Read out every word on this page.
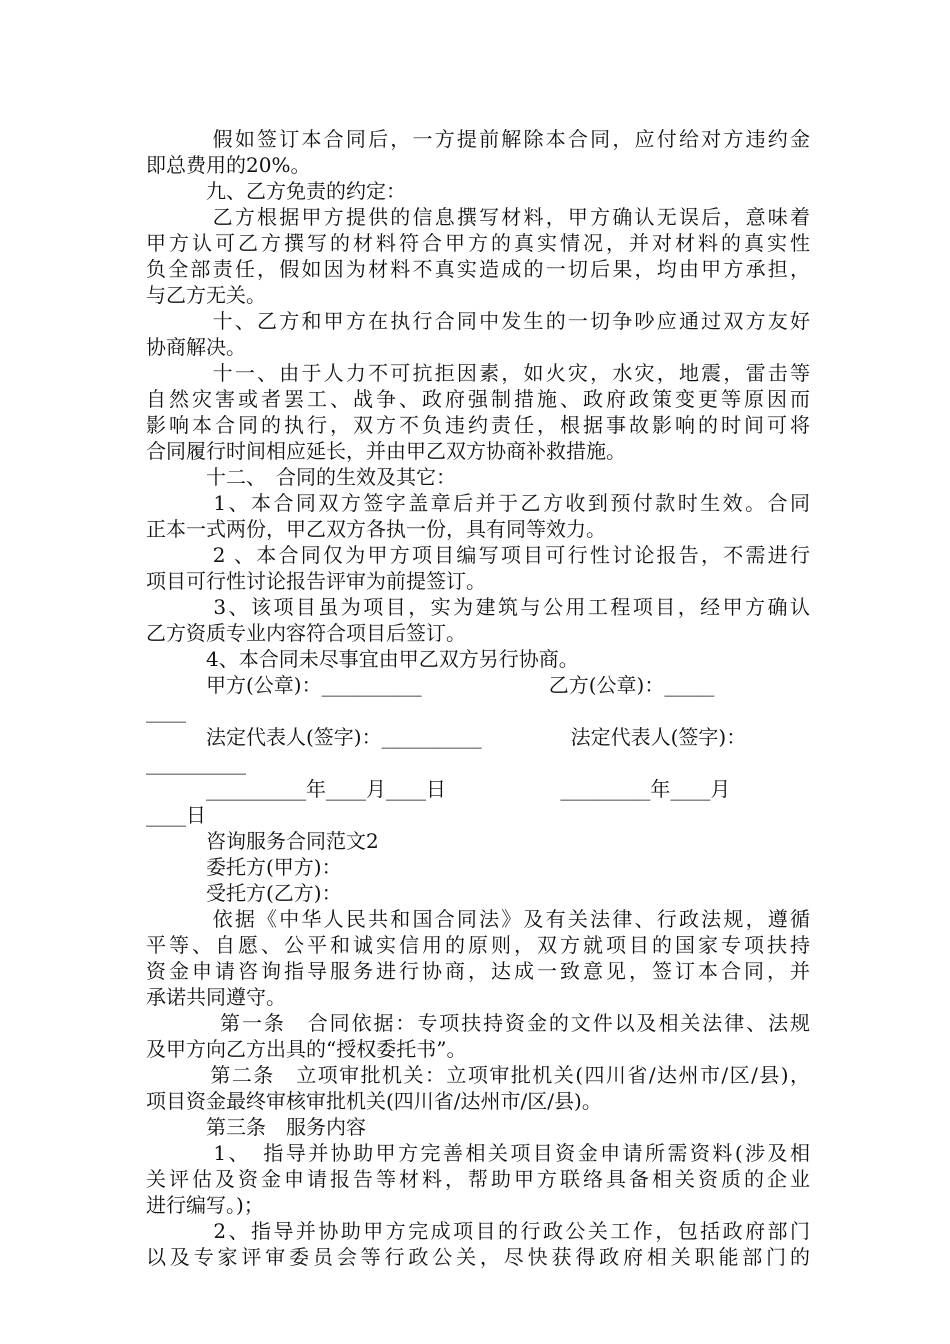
　　　假如签订本合同后，一方提前解除本合同，应付给对方违约金
即总费用的20%。
　　　九、乙方免责的约定：
　　　乙方根据甲方提供的信息撰写材料，甲方确认无误后，意味着
甲方认可乙方撰写的材料符合甲方的真实情况，并对材料的真实性
负全部责任，假如因为材料不真实造成的一切后果，均由甲方承担，
与乙方无关。
　　　十、乙方和甲方在执行合同中发生的一切争吵应通过双方友好
协商解决。
　　　十一、由于人力不可抗拒因素，如火灾，水灾，地震，雷击等
自然灾害或者罢工、战争、政府强制措施、政府政策变更等原因而
影响本合同的执行，双方不负违约责任，根据事故影响的时间可将
合同履行时间相应延长，并由甲乙双方协商补救措施。
　　　十二、　合同的生效及其它：
　　　1、本合同双方签字盖章后并于乙方收到预付款时生效。合同
正本一式两份，甲乙双方各执一份，具有同等效力。
　　　2 、本合同仅为甲方项目编写项目可行性讨论报告，不需进行
项目可行性讨论报告评审为前提签订。
　　　3、该项目虽为项目，实为建筑与公用工程项目，经甲方确认
乙方资质专业内容符合项目后签订。
　　　4、本合同未尽事宜由甲乙双方另行协商。
　　　甲方(公章)：__________                    乙方(公章)：_____
____
　　　法定代表人(签字)：__________              法定代表人(签字)：
__________
　　　__________年____月____日                  _________年____月
____日
　　　咨询服务合同范文2
　　　委托方(甲方)：
　　　受托方(乙方)：
　　　依据《中华人民共和国合同法》及有关法律、行政法规，遵循
平等、自愿、公平和诚实信用的原则，双方就项目的国家专项扶持
资金申请咨询指导服务进行协商，达成一致意见，签订本合同，并
承诺共同遵守。
　　　 第一条　合同依据：专项扶持资金的文件以及相关法律、法规
及甲方向乙方出具的“授权委托书”。
　　　第二条　立项审批机关：立项审批机关(四川省/达州市/区/县)，
项目资金最终审核审批机关(四川省/达州市/区/县)。
　　　第三条　服务内容
　　　1、　指导并协助甲方完善相关项目资金申请所需资料(涉及相
关评估及资金申请报告等材料，帮助甲方联络具备相关资质的企业
进行编写。)；
　　　2、指导并协助甲方完成项目的行政公关工作，包括政府部门
以及专家评审委员会等行政公关，尽快获得政府相关职能部门的
